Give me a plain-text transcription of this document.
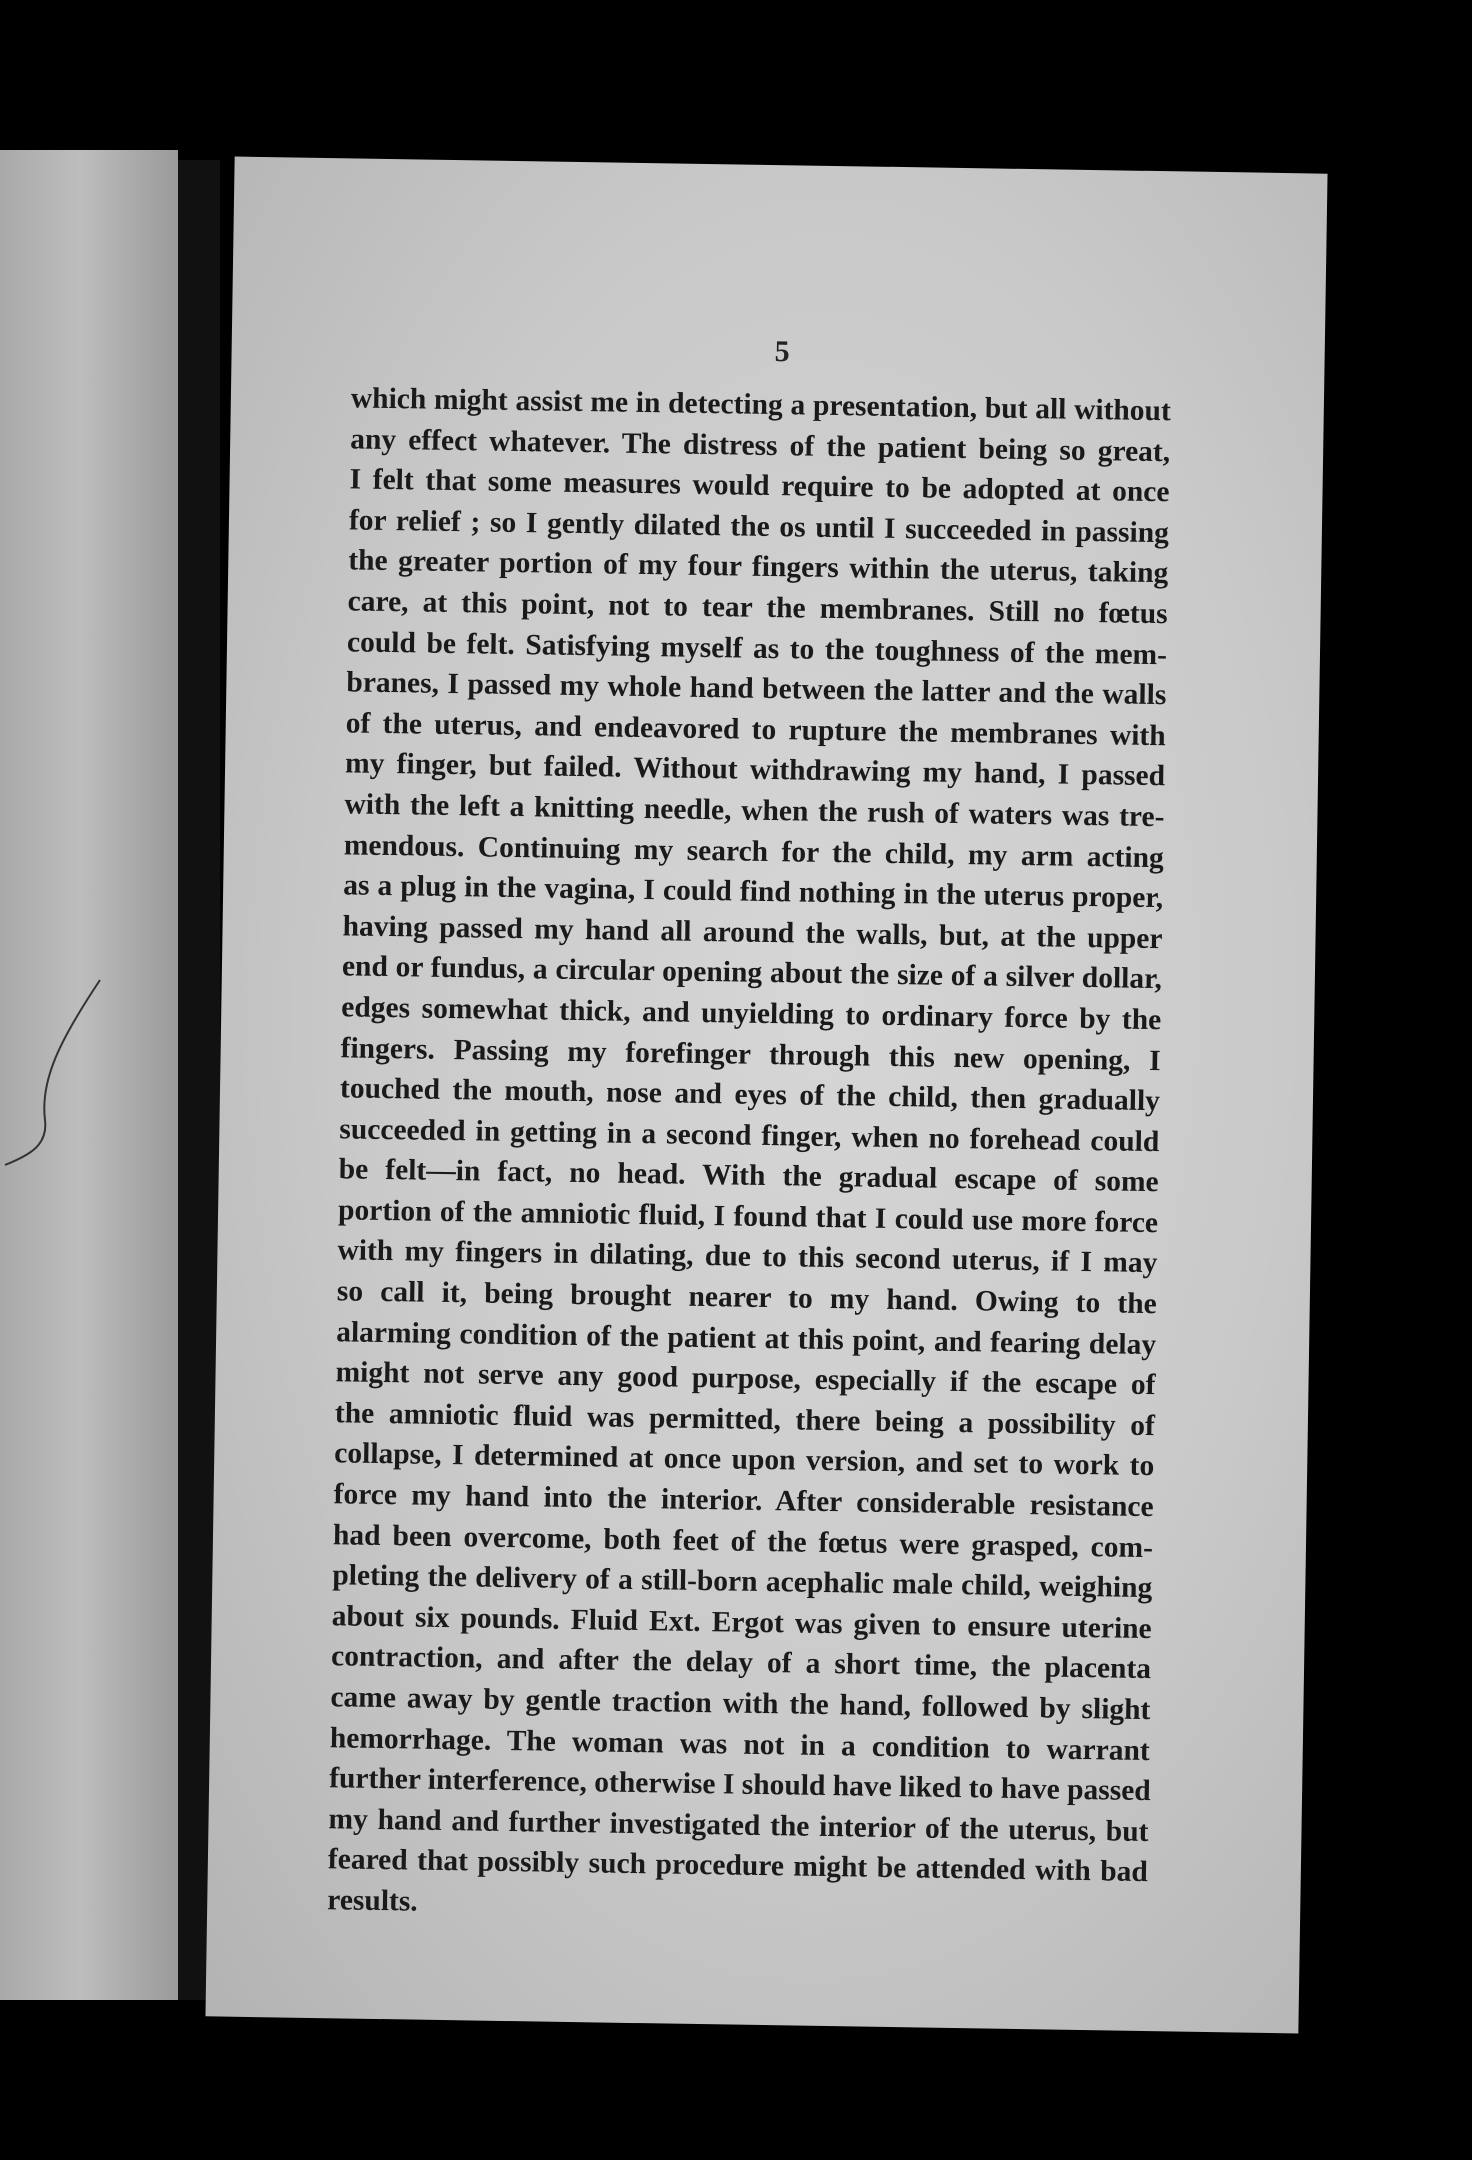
5
which might assist me in detecting a presentation, but all without
any effect whatever. The distress of the patient being so great,
I felt that some measures would require to be adopted at once
for relief ; so I gently dilated the os until I succeeded in passing
the greater portion of my four fingers within the uterus, taking
care, at this point, not to tear the membranes. Still no fœtus
could be felt. Satisfying myself as to the toughness of the mem-
branes, I passed my whole hand between the latter and the walls
of the uterus, and endeavored to rupture the membranes with
my finger, but failed. Without withdrawing my hand, I passed
with the left a knitting needle, when the rush of waters was tre-
mendous. Continuing my search for the child, my arm acting
as a plug in the vagina, I could find nothing in the uterus proper,
having passed my hand all around the walls, but, at the upper
end or fundus, a circular opening about the size of a silver dollar,
edges somewhat thick, and unyielding to ordinary force by the
fingers. Passing my forefinger through this new opening, I
touched the mouth, nose and eyes of the child, then gradually
succeeded in getting in a second finger, when no forehead could
be felt—in fact, no head. With the gradual escape of some
portion of the amniotic fluid, I found that I could use more force
with my fingers in dilating, due to this second uterus, if I may
so call it, being brought nearer to my hand. Owing to the
alarming condition of the patient at this point, and fearing delay
might not serve any good purpose, especially if the escape of
the amniotic fluid was permitted, there being a possibility of
collapse, I determined at once upon version, and set to work to
force my hand into the interior. After considerable resistance
had been overcome, both feet of the fœtus were grasped, com-
pleting the delivery of a still-born acephalic male child, weighing
about six pounds. Fluid Ext. Ergot was given to ensure uterine
contraction, and after the delay of a short time, the placenta
came away by gentle traction with the hand, followed by slight
hemorrhage. The woman was not in a condition to warrant
further interference, otherwise I should have liked to have passed
my hand and further investigated the interior of the uterus, but
feared that possibly such procedure might be attended with bad
results.
